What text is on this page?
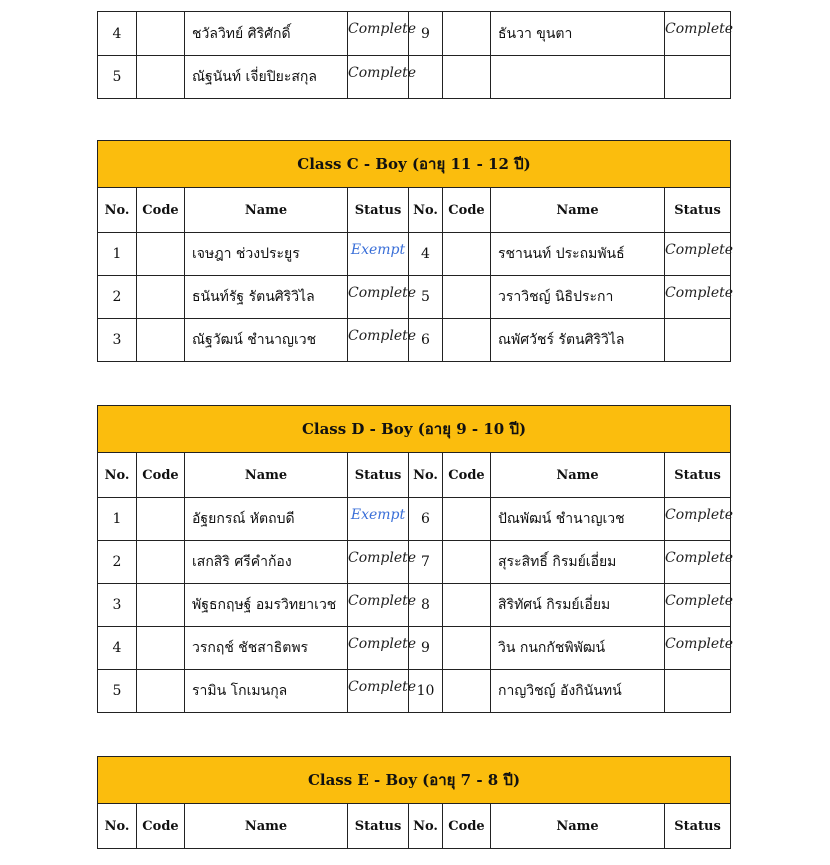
4		ชวัลวิทย์ ศิริศักดิ์	Complete	9		ธันวา ขุนตา	Complete
5		ณัฐนันท์ เจี่ยปิยะสกุล	Complete				
Class C - Boy (อายุ 11 - 12 ปี)							
No.	Code	Name	Status	No.	Code	Name	Status
1		เจษฎา ช่วงประยูร	Exempt	4		รชานนท์ ประถมพันธ์	Complete
2		ธนันท์รัฐ รัตนศิริวิไล	Complete	5		วราวิชญ์ นิธิประกา	Complete
3		ณัฐวัฒน์ ชำนาญเวช	Complete	6		ณพัศวัชร์ รัตนศิริวิไล	
Class D - Boy (อายุ 9 - 10 ปี)							
No.	Code	Name	Status	No.	Code	Name	Status
1		อัฐยกรณ์ หัตถบดี	Exempt	6		ปัณพัฒน์ ชำนาญเวช	Complete
2		เสกสิริ ศรีคำก้อง	Complete	7		สุระสิทธิ์ กิรมย์เอี่ยม	Complete
3		พัฐธกฤษฐ์ อมรวิทยาเวช	Complete	8		สิริทัศน์ กิรมย์เอี่ยม	Complete
4		วรกฤช์ ชัชสาธิตพร	Complete	9		วิน กนกกัชพิพัฒน์	Complete
5		รามิน โกเมนกุล	Complete	10		กาญวิชญ์ อังกินันทน์	
Class E - Boy (อายุ 7 - 8 ปี)
No.	Code	Name	Status	No.	Code	Name	Status
